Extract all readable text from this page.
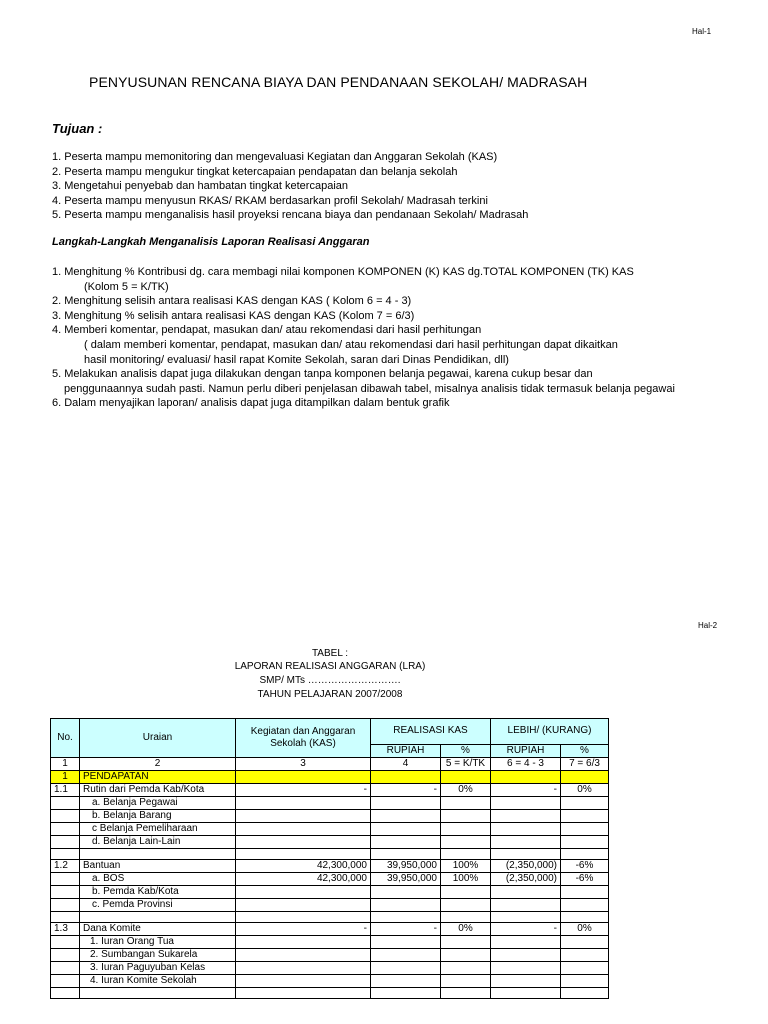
Hal-1
PENYUSUNAN RENCANA BIAYA DAN PENDANAAN SEKOLAH/ MADRASAH
Tujuan :
1. Peserta mampu memonitoring dan mengevaluasi Kegiatan dan Anggaran Sekolah (KAS)
2. Peserta mampu mengukur tingkat ketercapaian pendapatan dan belanja sekolah
3. Mengetahui penyebab dan hambatan tingkat ketercapaian
4. Peserta mampu menyusun RKAS/ RKAM berdasarkan profil Sekolah/ Madrasah terkini
5. Peserta mampu menganalisis hasil proyeksi rencana biaya dan pendanaan Sekolah/ Madrasah
Langkah-Langkah Menganalisis Laporan Realisasi Anggaran
1. Menghitung % Kontribusi dg. cara membagi nilai komponen KOMPONEN (K) KAS dg.TOTAL KOMPONEN (TK) KAS
(Kolom 5 = K/TK)
2. Menghitung selisih antara realisasi KAS dengan KAS ( Kolom 6 = 4 - 3)
3. Menghitung % selisih antara realisasi KAS dengan KAS (Kolom 7 = 6/3)
4. Memberi komentar, pendapat, masukan dan/ atau rekomendasi dari hasil perhitungan
( dalam memberi komentar, pendapat, masukan dan/ atau rekomendasi dari hasil perhitungan dapat dikaitkan
hasil monitoring/ evaluasi/ hasil rapat Komite Sekolah, saran dari Dinas Pendidikan, dll)
5. Melakukan analisis dapat juga dilakukan dengan tanpa komponen belanja pegawai, karena cukup besar dan
penggunaannya sudah pasti. Namun perlu diberi penjelasan dibawah tabel, misalnya analisis tidak termasuk belanja pegawai
6. Dalam menyajikan laporan/ analisis dapat juga ditampilkan dalam bentuk grafik
Hal-2
TABEL :
LAPORAN REALISASI ANGGARAN (LRA)
SMP/ MTs ……………………….
TAHUN PELAJARAN 2007/2008
No.	Uraian	Kegiatan dan Anggaran Sekolah (KAS)	REALISASI KAS		LEBIH/ (KURANG)	
			RUPIAH	%	RUPIAH	%
1	2	3	4	5 = K/TK	6 = 4 - 3	7 = 6/3
1	PENDAPATAN					
1.1	Rutin dari Pemda Kab/Kota	-	-	0%	-	0%
	a. Belanja Pegawai					
	b. Belanja Barang					
	c Belanja Pemeliharaan					
	d. Belanja Lain-Lain					

1.2	Bantuan	42,300,000	39,950,000	100%	(2,350,000)	-6%
	a. BOS	42,300,000	39,950,000	100%	(2,350,000)	-6%
	b. Pemda Kab/Kota					
	c. Pemda Provinsi					

1.3	Dana Komite	-	-	0%	-	0%
	1. Iuran Orang Tua					
	2. Sumbangan Sukarela					
	3. Iuran Paguyuban Kelas					
	4. Iuran Komite Sekolah					
